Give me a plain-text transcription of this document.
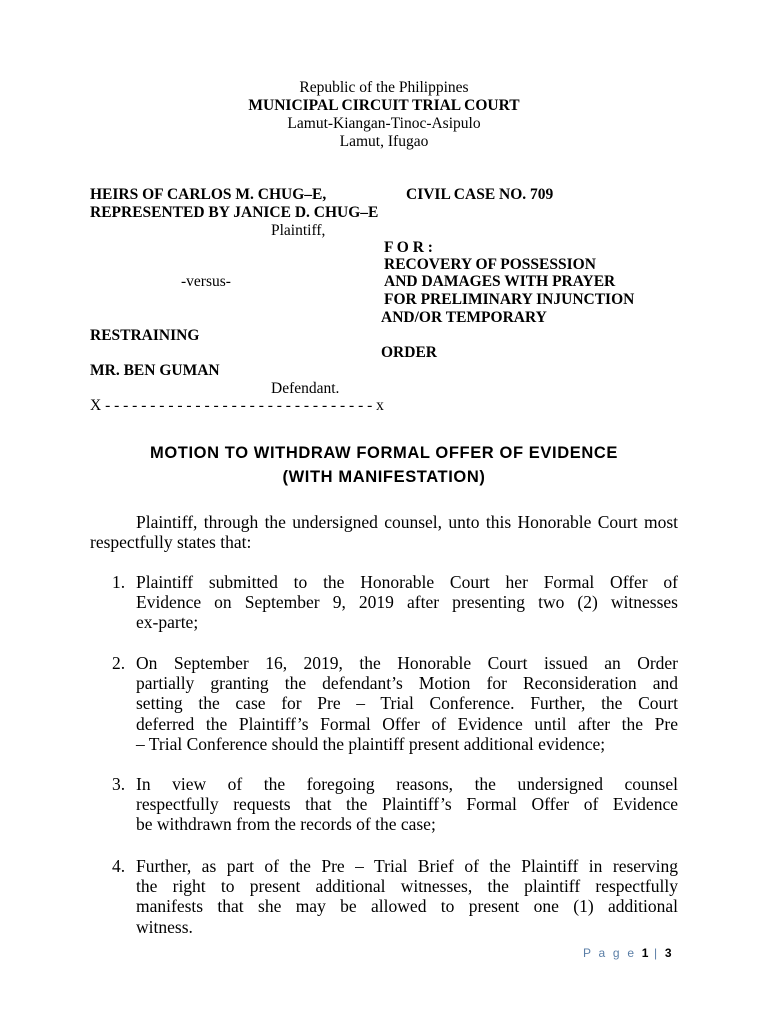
Republic of the Philippines
MUNICIPAL CIRCUIT TRIAL COURT
Lamut-Kiangan-Tinoc-Asipulo
Lamut, Ifugao
HEIRS OF CARLOS M. CHUG–E,	CIVIL CASE NO. 709
REPRESENTED BY JANICE D. CHUG–E
Plaintiff,
F O R :
RECOVERY OF POSSESSION
-versus-	AND DAMAGES WITH PRAYER
FOR PRELIMINARY INJUNCTION
AND/OR TEMPORARY
RESTRAINING
ORDER
MR. BEN GUMAN
Defendant.
X - - - - - - - - - - - - - - - - - - - - - - - - - - - - - - x
MOTION TO WITHDRAW FORMAL OFFER OF EVIDENCE
(WITH MANIFESTATION)
Plaintiff, through the undersigned counsel, unto this Honorable Court most respectfully states that:
1. Plaintiff submitted to the Honorable Court her Formal Offer of
Evidence on September 9, 2019 after presenting two (2) witnesses
ex-parte;
2. On September 16, 2019, the Honorable Court issued an Order
partially granting the defendant’s Motion for Reconsideration and
setting the case for Pre – Trial Conference. Further, the Court
deferred the Plaintiff’s Formal Offer of Evidence until after the Pre
– Trial Conference should the plaintiff present additional evidence;
3. In view of the foregoing reasons, the undersigned counsel
respectfully requests that the Plaintiff’s Formal Offer of Evidence
be withdrawn from the records of the case;
4. Further, as part of the Pre – Trial Brief of the Plaintiff in reserving
the right to present additional witnesses, the plaintiff respectfully
manifests that she may be allowed to present one (1) additional
witness.
P a g e 1 | 3
